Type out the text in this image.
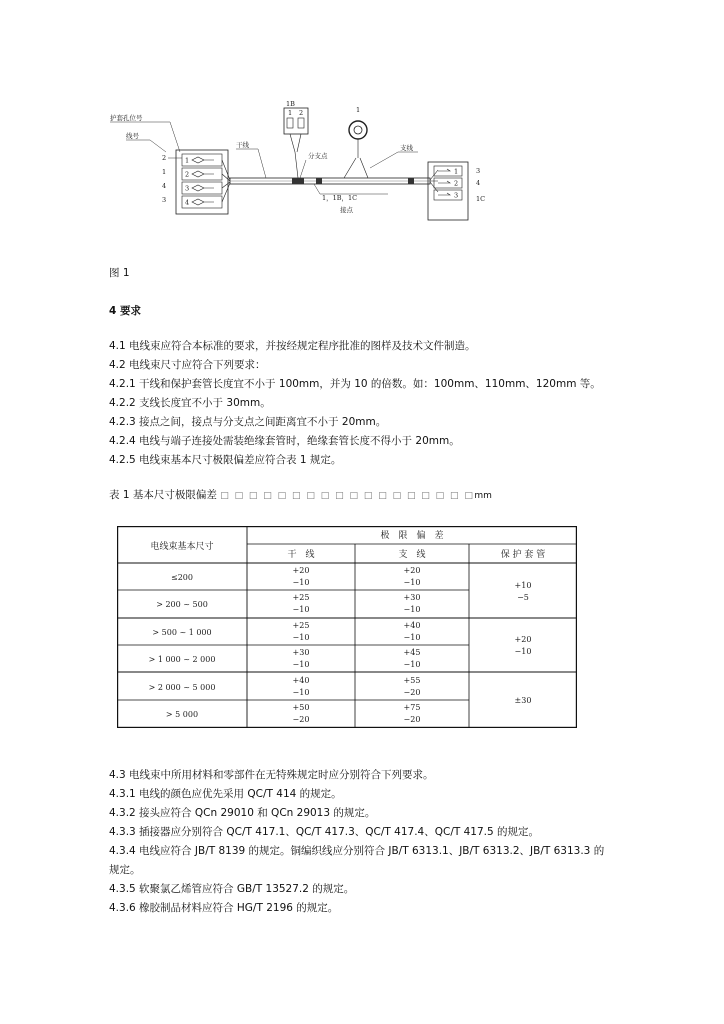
护套孔位号
线号
2
1
4
3
1
2
3
4
干线
1B
1 2
分支点
1，1B，1C
接点
1
支线
1
2
3
3
4
1C
图 1
4 要求
4.1 电线束应符合本标准的要求，并按经规定程序批准的图样及技术文件制造。
4.2 电线束尺寸应符合下列要求：
4.2.1 干线和保护套管长度宜不小于 100mm，并为 10 的倍数。如：100mm、110mm、120mm 等。
4.2.2 支线长度宜不小于 30mm。
4.2.3 接点之间，接点与分支点之间距离宜不小于 20mm。
4.2.4 电线与端子连接处需装绝缘套管时，绝缘套管长度不得小于 20mm。
4.2.5 电线束基本尺寸极限偏差应符合表 1 规定。
表 1 基本尺寸极限偏差 □ □ □ □ □ □ □ □ □ □ □ □ □ □ □ □ □ □mm
电线束基本尺寸
极　限　偏　差
干　线	支　线	保 护 套 管
≤200
+20
−10
+20
−10
> 200 ~ 500
+25
−10
+30
−10
> 500 ~ 1 000
+25
−10
+40
−10
> 1 000 ~ 2 000
+30
−10
+45
−10
> 2 000 ~ 5 000
+40
−10
+55
−20
> 5 000
+50
−20
+75
−20
+10
−5
+20
−10
±30
4.3 电线束中所用材料和零部件在无特殊规定时应分别符合下列要求。
4.3.1 电线的颜色应优先采用 QC/T 414 的规定。
4.3.2 接头应符合 QCn 29010 和 QCn 29013 的规定。
4.3.3 插接器应分别符合 QC/T 417.1、QC/T 417.3、QC/T 417.4、QC/T 417.5 的规定。
4.3.4 电线应符合 JB/T 8139 的规定。铜编织线应分别符合 JB/T 6313.1、JB/T 6313.2、JB/T 6313.3 的
规定。
4.3.5 软聚氯乙烯管应符合 GB/T 13527.2 的规定。
4.3.6 橡胶制品材料应符合 HG/T 2196 的规定。
